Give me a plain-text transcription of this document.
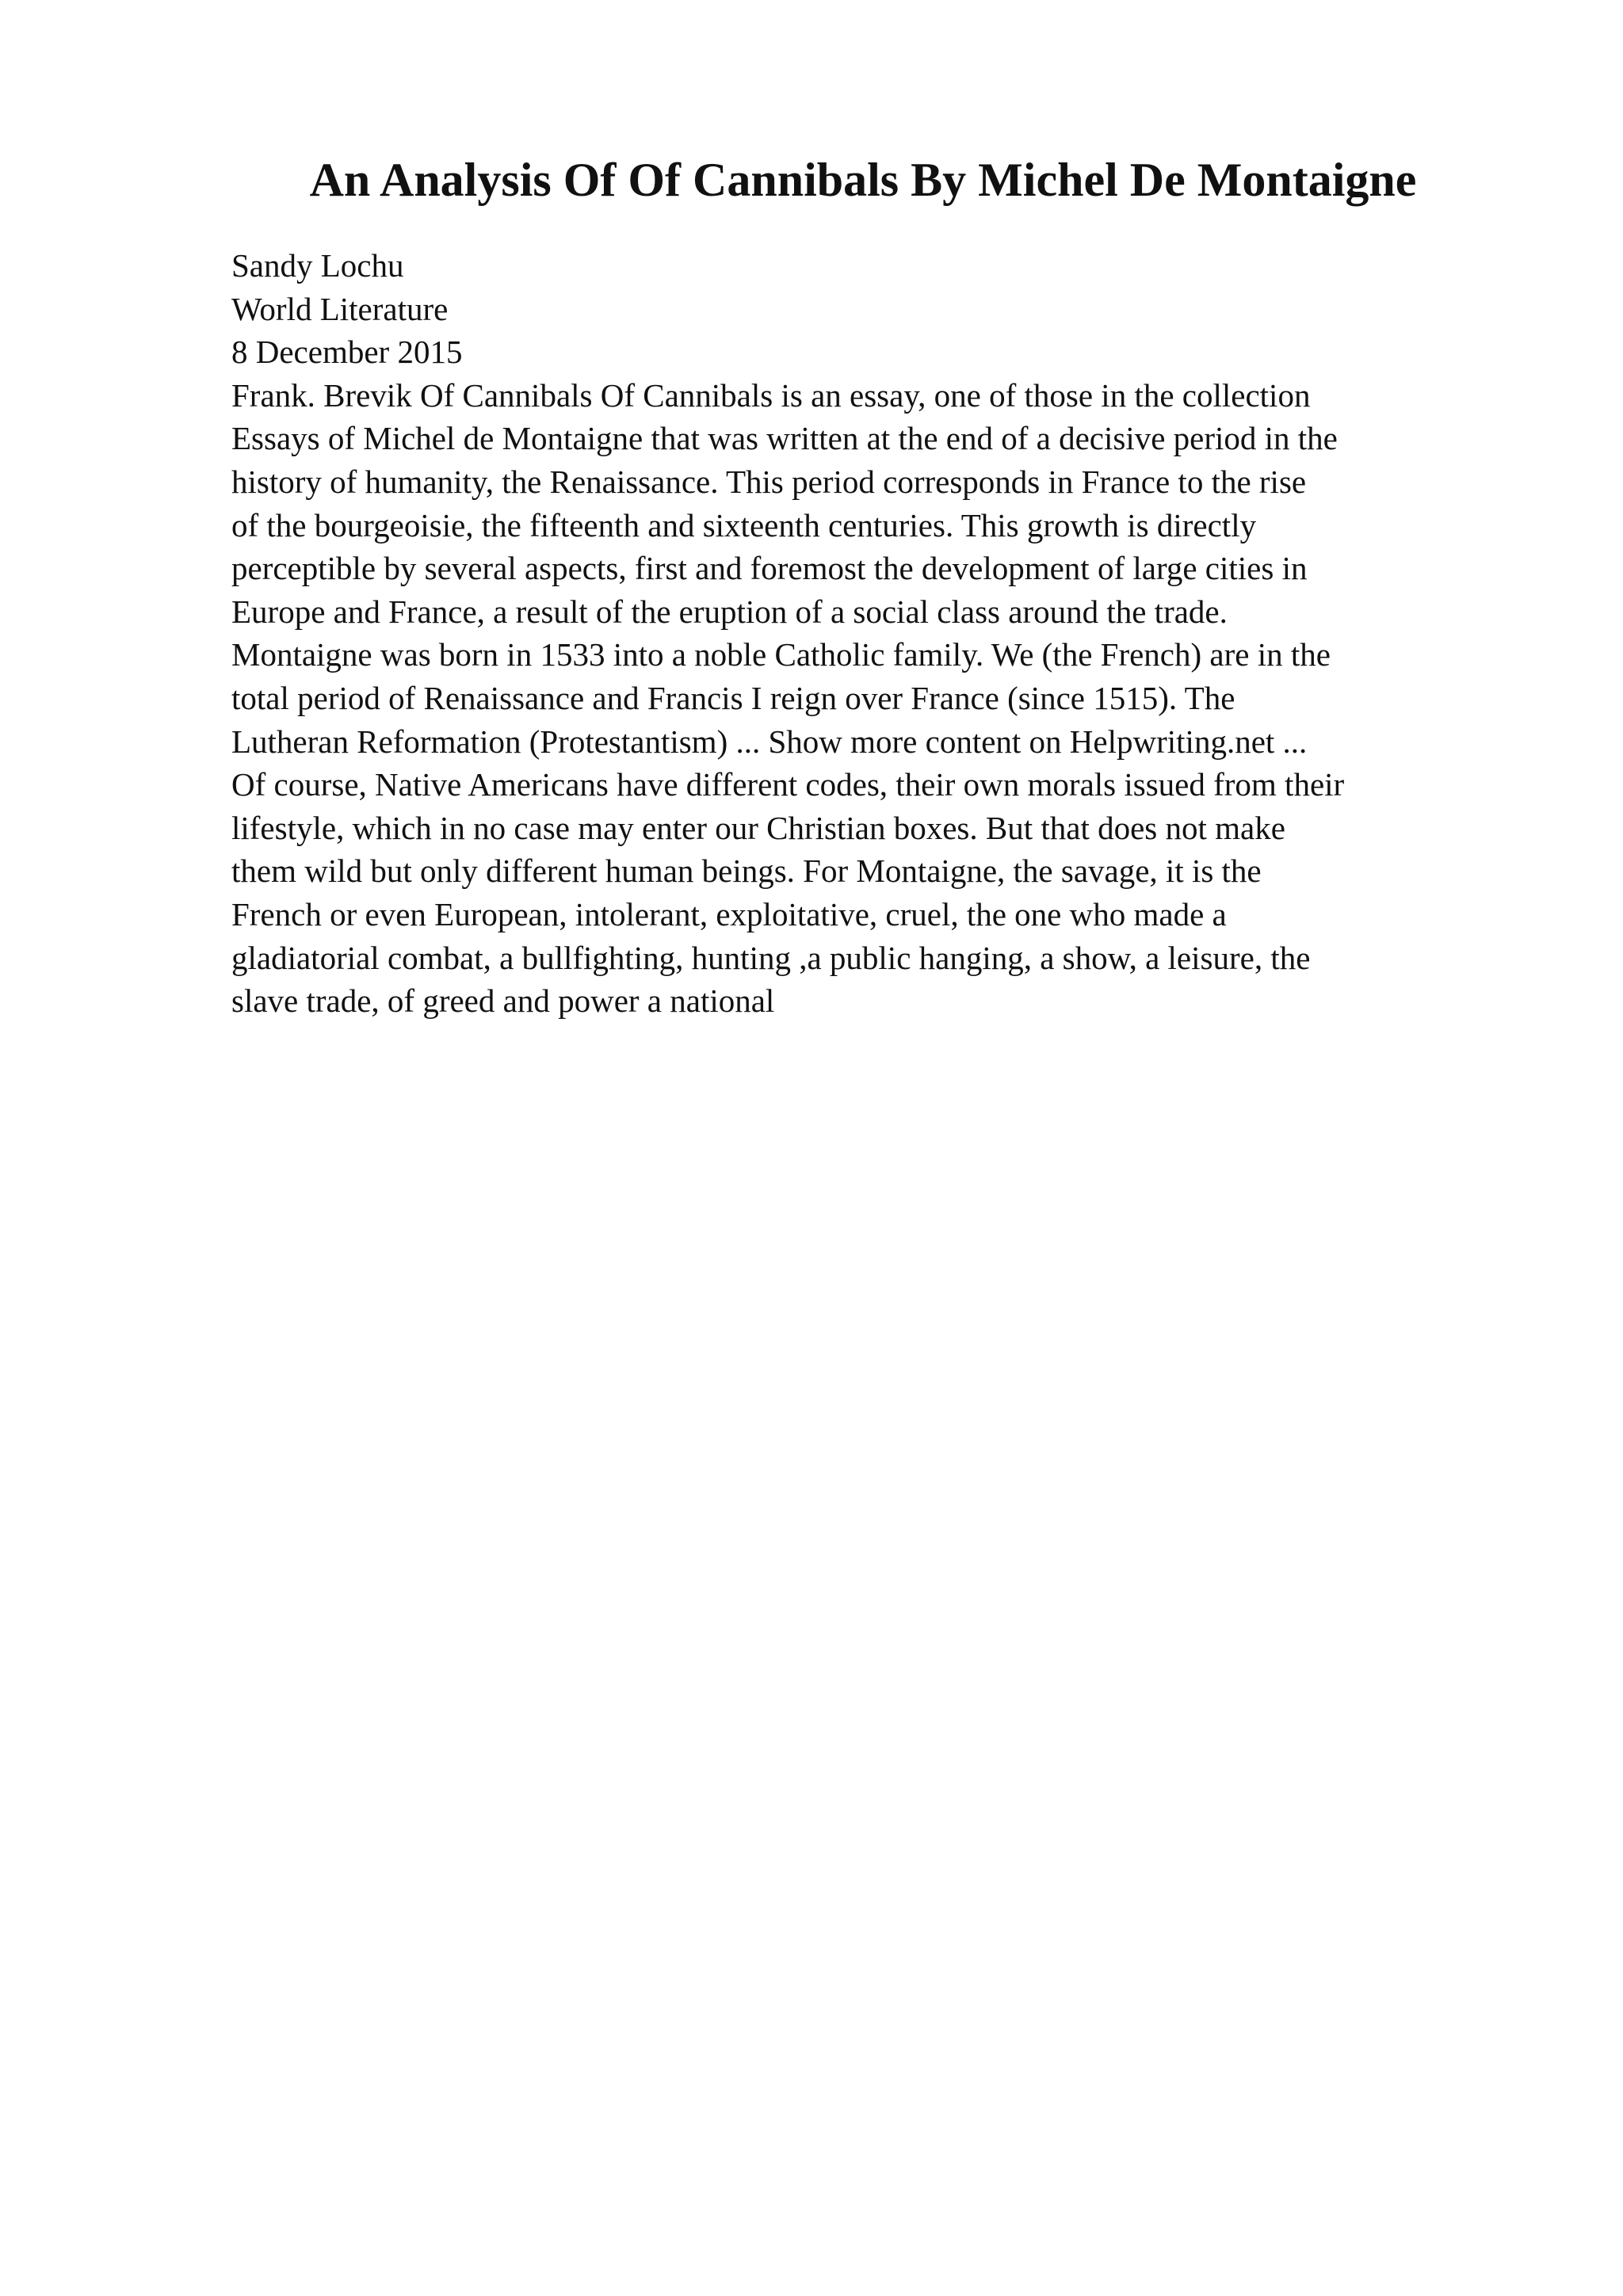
An Analysis Of Of Cannibals By Michel De Montaigne
Sandy Lochu
World Literature
8 December 2015
Frank. Brevik Of Cannibals Of Cannibals is an essay, one of those in the collection
Essays of Michel de Montaigne that was written at the end of a decisive period in the
history of humanity, the Renaissance. This period corresponds in France to the rise
of the bourgeoisie, the fifteenth and sixteenth centuries. This growth is directly
perceptible by several aspects, first and foremost the development of large cities in
Europe and France, a result of the eruption of a social class around the trade.
Montaigne was born in 1533 into a noble Catholic family. We (the French) are in the
total period of Renaissance and Francis I reign over France (since 1515). The
Lutheran Reformation (Protestantism) ... Show more content on Helpwriting.net ...
Of course, Native Americans have different codes, their own morals issued from their
lifestyle, which in no case may enter our Christian boxes. But that does not make
them wild but only different human beings. For Montaigne, the savage, it is the
French or even European, intolerant, exploitative, cruel, the one who made a
gladiatorial combat, a bullfighting, hunting ,a public hanging, a show, a leisure, the
slave trade, of greed and power a national
